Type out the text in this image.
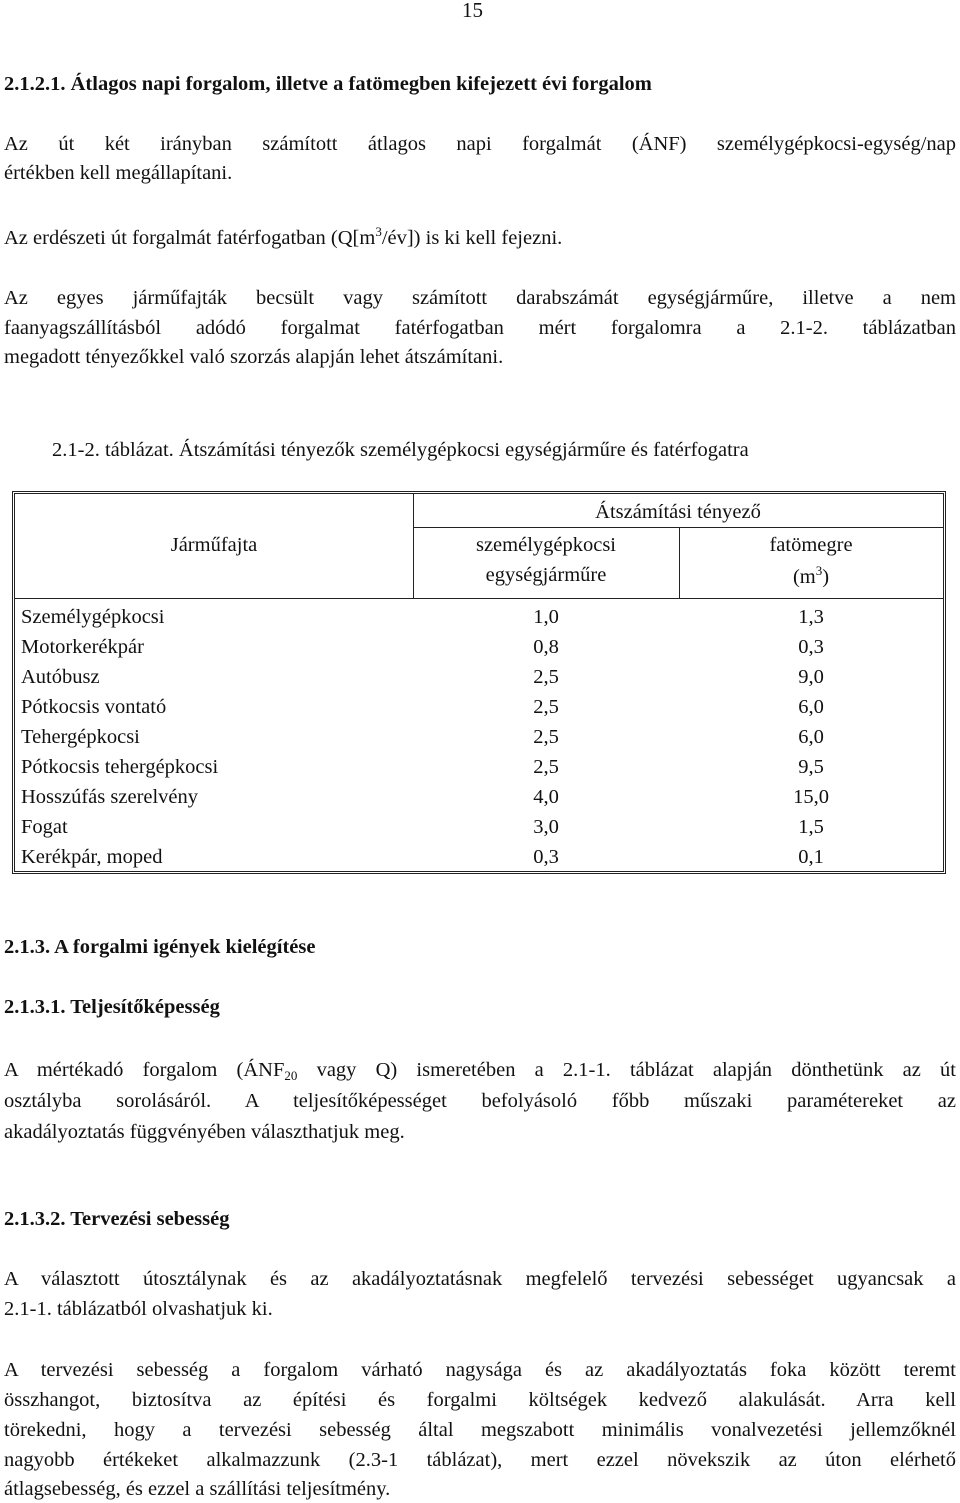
15
2.1.2.1. Átlagos napi forgalom, illetve a fatömegben kifejezett évi forgalom
Az út két irányban számított átlagos napi forgalmát (ÁNF) személygépkocsi-egység/nap
értékben kell megállapítani.
Az erdészeti út forgalmát fatérfogatban $(Q[m^3/év])$ is ki kell fejezni.
Az egyes járműfajták becsült vagy számított darabszámát egységjárműre, illetve a nem
faanyagszállításból adódó forgalmat fatérfogatban mért forgalomra a 2.1-2. táblázatban
megadott tényezőkkel való szorzás alapján lehet átszámítani.
2.1-2. táblázat. Átszámítási tényezők személygépkocsi egységjárműre és fatérfogatra
Járműfajta
Átszámítási tényező
személygépkocsi
egységjárműre
fatömegre
$(m^3)$
Személygépkocsi	1,0	1,3
Motorkerékpár	0,8	0,3
Autóbusz	2,5	9,0
Pótkocsis vontató	2,5	6,0
Tehergépkocsi	2,5	6,0
Pótkocsis tehergépkocsi	2,5	9,5
Hosszúfás szerelvény	4,0	15,0
Fogat	3,0	1,5
Kerékpár, moped	0,3	0,1
2.1.3. A forgalmi igények kielégítése
2.1.3.1. Teljesítőképesség
A mértékadó forgalom ($ÁNF_{20}$ vagy Q) ismeretében a 2.1-1. táblázat alapján dönthetünk az út
osztályba sorolásáról. A teljesítőképességet befolyásoló főbb műszaki paramétereket az
akadályoztatás függvényében választhatjuk meg.
2.1.3.2. Tervezési sebesség
A választott útosztálynak és az akadályoztatásnak megfelelő tervezési sebességet ugyancsak a
2.1-1. táblázatból olvashatjuk ki.
A tervezési sebesség a forgalom várható nagysága és az akadályoztatás foka között teremt
összhangot, biztosítva az építési és forgalmi költségek kedvező alakulását. Arra kell
törekedni, hogy a tervezési sebesség által megszabott minimális vonalvezetési jellemzőknél
nagyobb értékeket alkalmazzunk (2.3-1 táblázat), mert ezzel növekszik az úton elérhető
átlagsebesség, és ezzel a szállítási teljesítmény.
